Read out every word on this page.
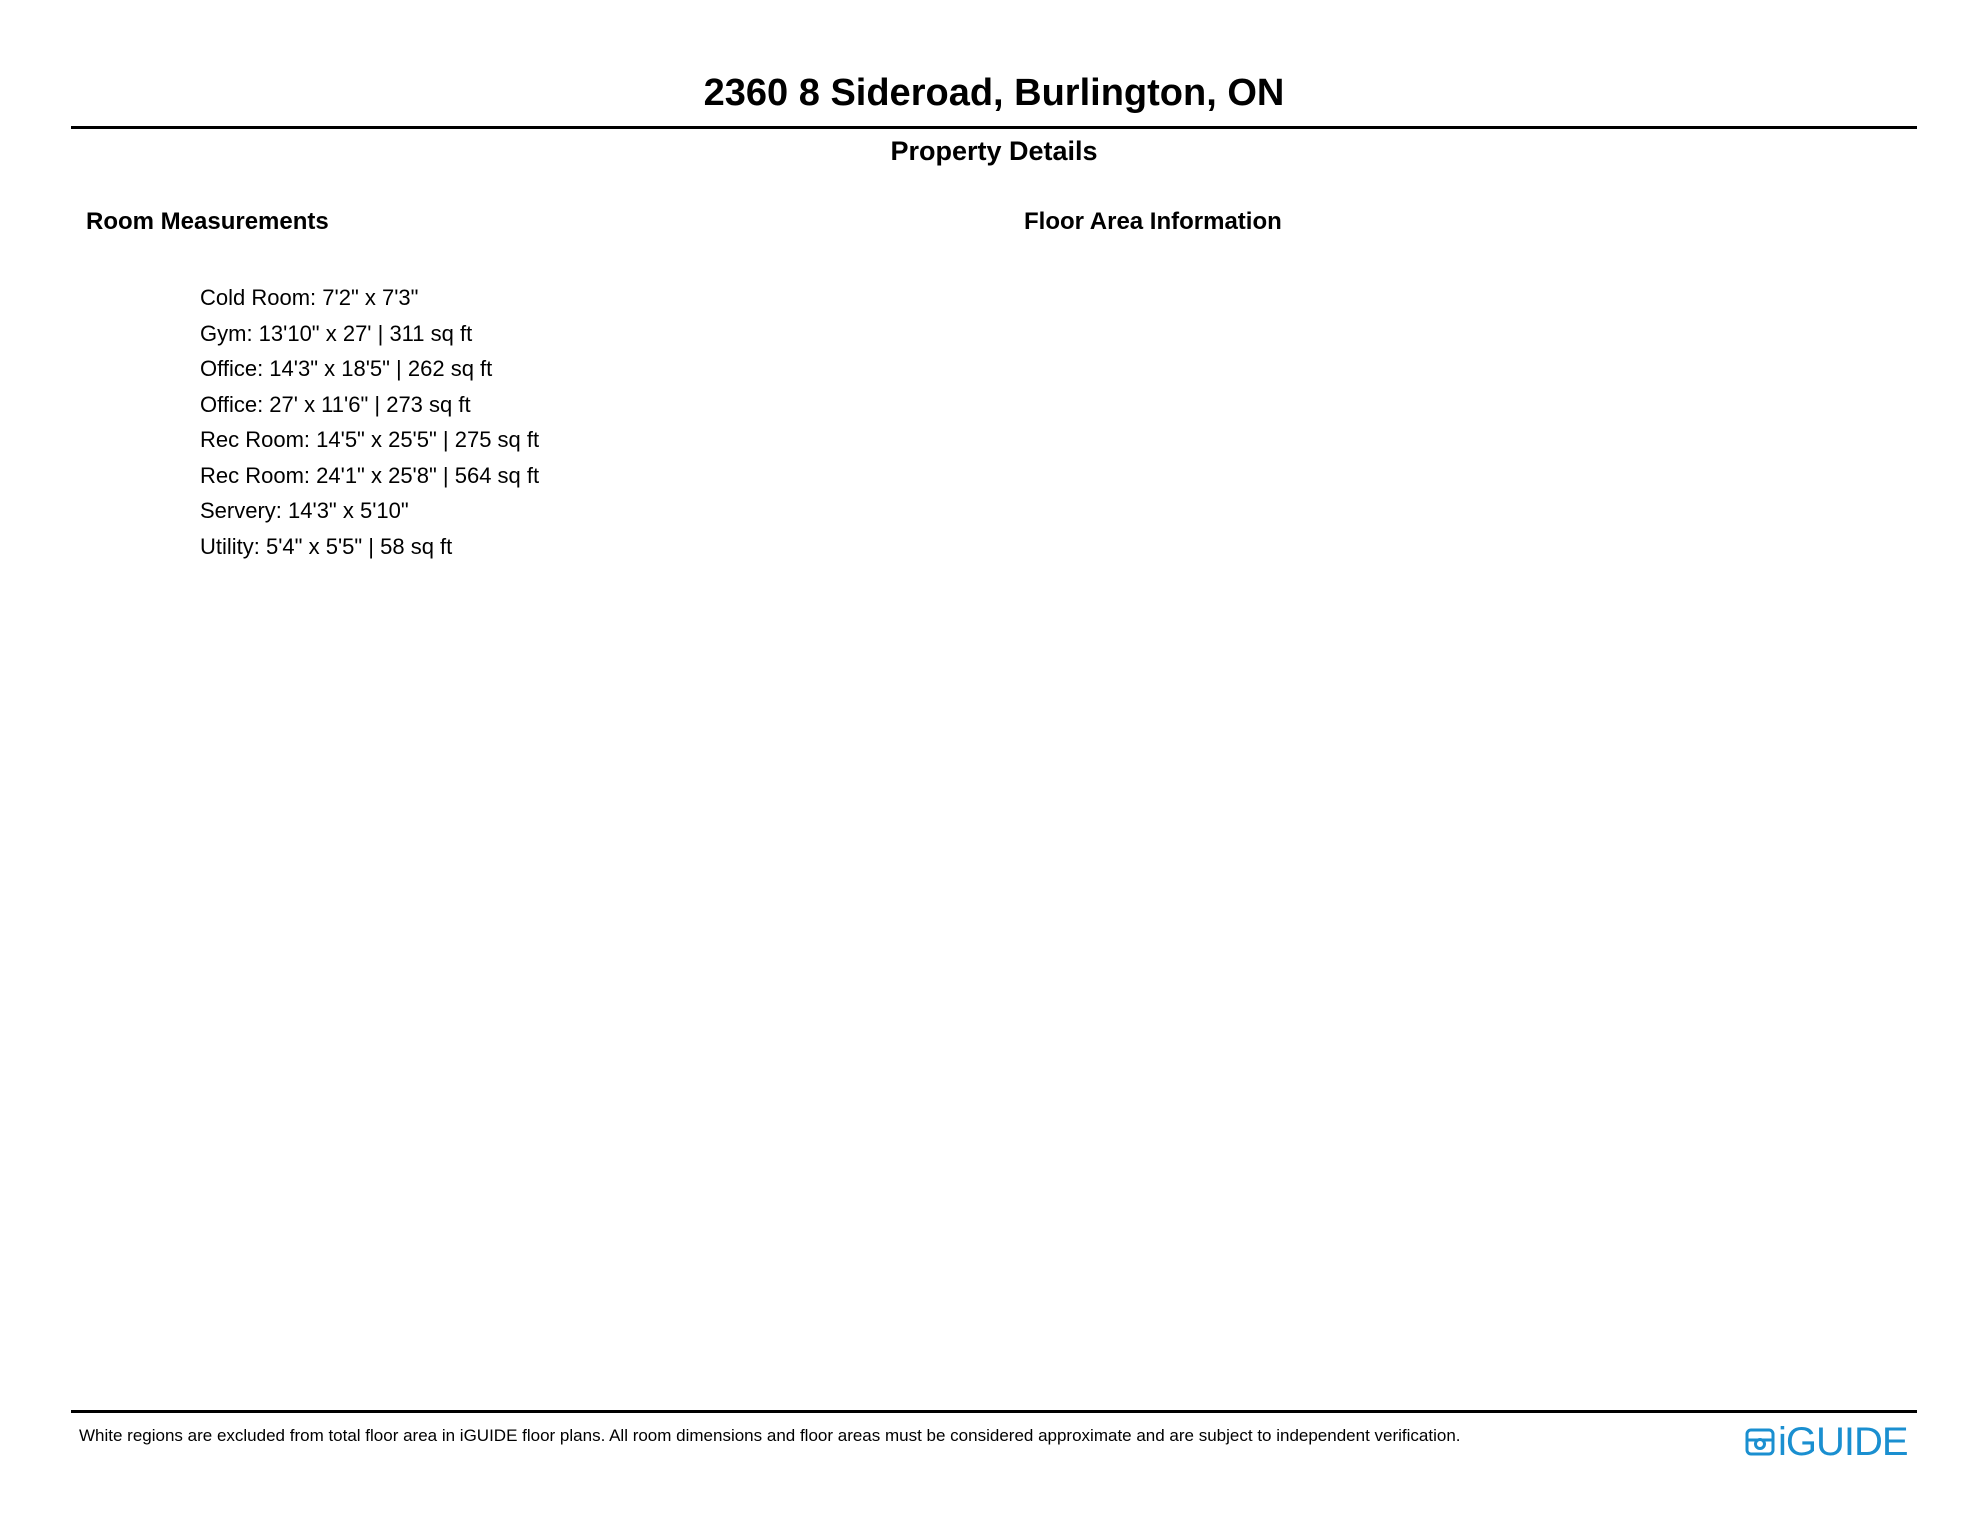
2360 8 Sideroad, Burlington, ON
Property Details
Room Measurements	Floor Area Information
Cold Room: 7'2" x 7'3"
Gym: 13'10" x 27' | 311 sq ft
Office: 14'3" x 18'5" | 262 sq ft
Office: 27' x 11'6" | 273 sq ft
Rec Room: 14'5" x 25'5" | 275 sq ft
Rec Room: 24'1" x 25'8" | 564 sq ft
Servery: 14'3" x 5'10"
Utility: 5'4" x 5'5" | 58 sq ft
White regions are excluded from total floor area in iGUIDE floor plans. All room dimensions and floor areas must be considered approximate and are subject to independent verification.	iGUIDE
